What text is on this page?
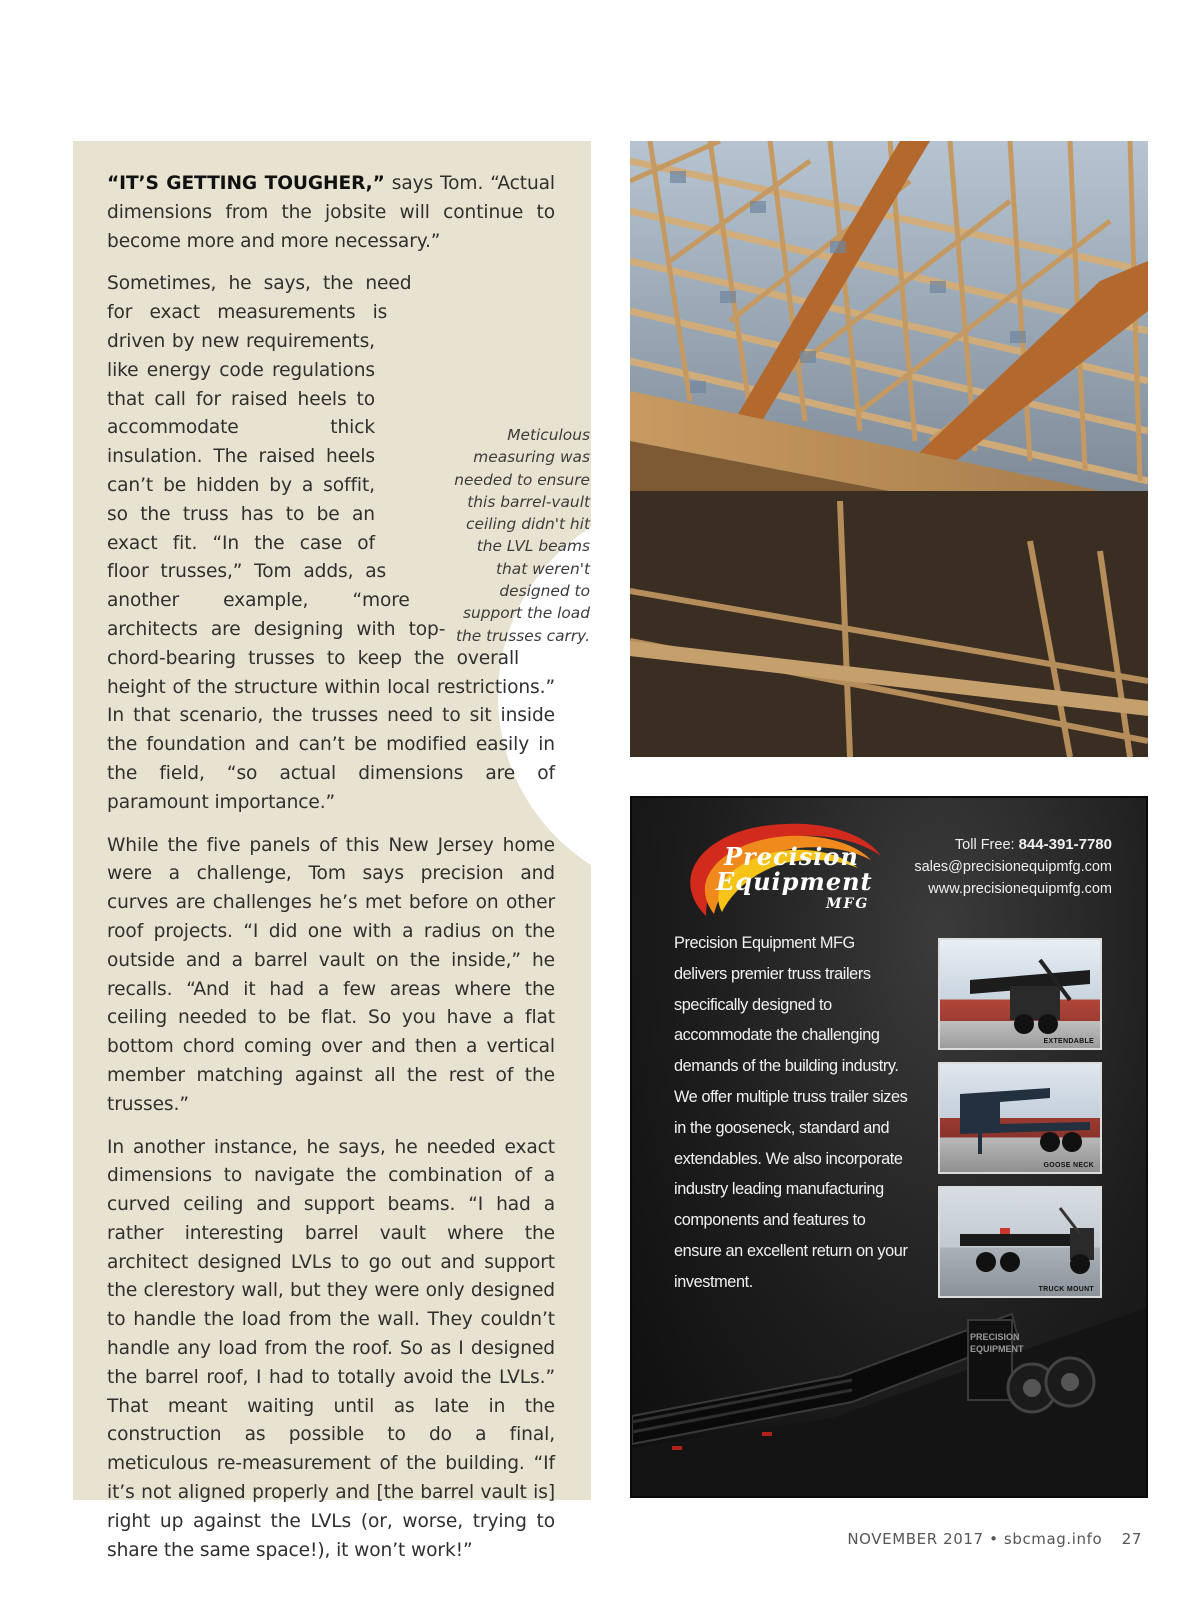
“IT’S GETTING TOUGHER,” says Tom. “Actual dimensions from the jobsite will continue to become more and more necessary.”

Sometimes, he says, the need for exact measurements is driven by new requirements, like energy code regulations that call for raised heels to accommodate thick insulation. The raised heels can’t be hidden by a soffit, so the truss has to be an exact fit. “In the case of floor trusses,” Tom adds, as another example, “more architects are designing with top-chord-bearing trusses to keep the overall height of the structure within local restrictions.” In that scenario, the trusses need to sit inside the foundation and can’t be modified easily in the field, “so actual dimensions are of paramount importance.”

While the five panels of this New Jersey home were a challenge, Tom says precision and curves are challenges he’s met before on other roof projects. “I did one with a radius on the outside and a barrel vault on the inside,” he recalls. “And it had a few areas where the ceiling needed to be flat. So you have a flat bottom chord coming over and then a vertical member matching against all the rest of the trusses.”

In another instance, he says, he needed exact dimensions to navigate the combination of a curved ceiling and support beams. “I had a rather interesting barrel vault where the architect designed LVLs to go out and support the clerestory wall, but they were only designed to handle the load from the wall. They couldn’t handle any load from the roof. So as I designed the barrel roof, I had to totally avoid the LVLs.” That meant waiting until as late in the construction as possible to do a final, meticulous re-measurement of the building. “If it’s not aligned properly and [the barrel vault is] right up against the LVLs (or, worse, trying to share the same space!), it won’t work!”

Meticulous measuring was needed to ensure this barrel-vault ceiling didn't hit the LVL beams that weren't designed to support the load the trusses carry.
Precision
Equipment
MFG
Toll Free: 844-391-7780
sales@precisionequipmfg.com
www.precisionequipmfg.com
Precision Equipment MFG delivers premier truss trailers specifically designed to accommodate the challenging demands of the building industry. We offer multiple truss trailer sizes in the gooseneck, standard and extendables. We also incorporate industry leading manufacturing components and features to ensure an excellent return on your investment.
EXTENDABLE
GOOSE NECK
TRUCK MOUNT
PRECISION
EQUIPMENT
NOVEMBER 2017 • sbcmag.info 27
